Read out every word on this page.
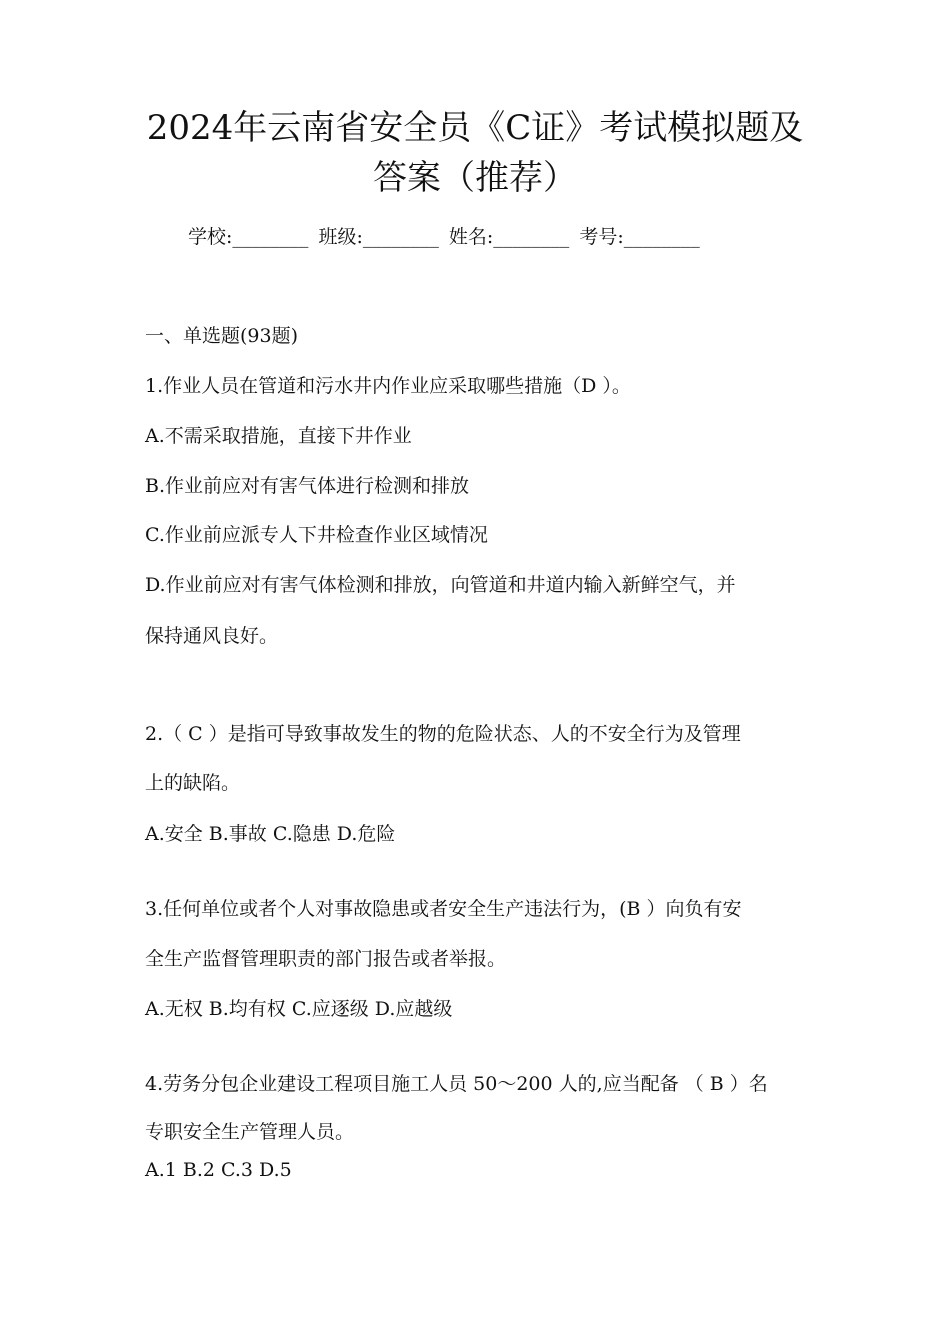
2024年云南省安全员《C证》考试模拟题及
答案（推荐）
学校:________ 班级:________ 姓名:________ 考号:________
一、单选题(93题)
1.作业人员在管道和污水井内作业应采取哪些措施（D ）。
A.不需采取措施，直接下井作业
B.作业前应对有害气体进行检测和排放
C.作业前应派专人下井检查作业区域情况
D.作业前应对有害气体检测和排放，向管道和井道内输入新鲜空气，并
保持通风良好。
2.（ C ）是指可导致事故发生的物的危险状态、人的不安全行为及管理
上的缺陷。
A.安全 B.事故 C.隐患 D.危险
3.任何单位或者个人对事故隐患或者安全生产违法行为，(B ）向负有安
全生产监督管理职责的部门报告或者举报。
A.无权 B.均有权 C.应逐级 D.应越级
4.劳务分包企业建设工程项目施工人员 50～200 人的,应当配备 （ B ）名
专职安全生产管理人员。
A.1 B.2 C.3 D.5
